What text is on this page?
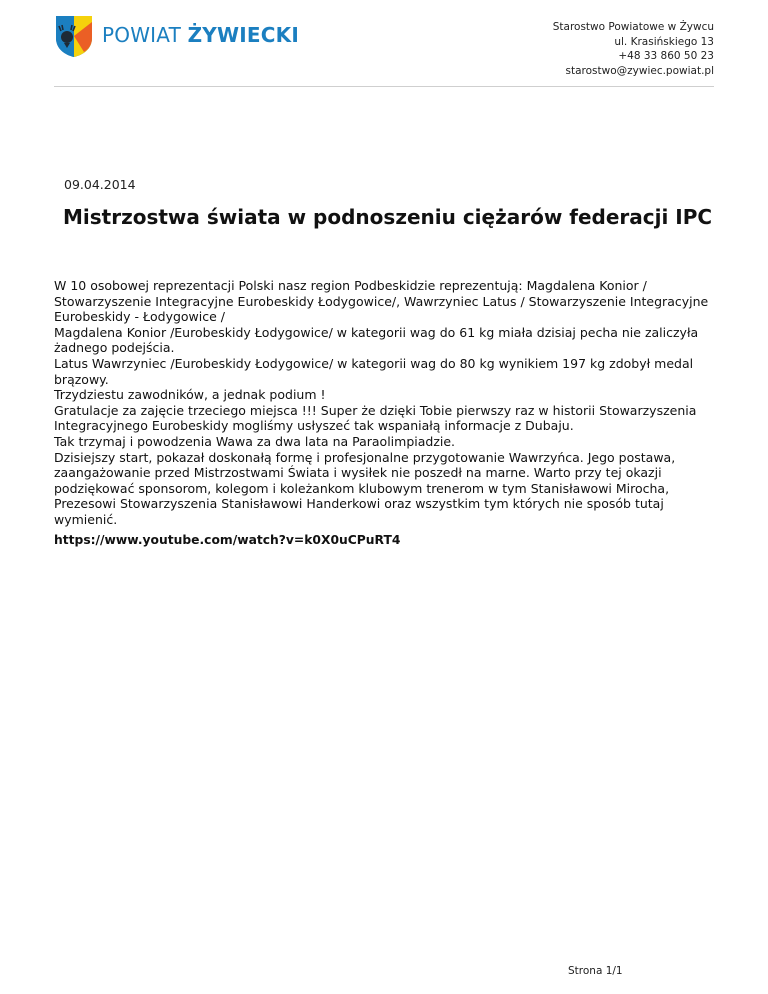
POWIAT ŻYWIECKI	Starostwo Powiatowe w Żywcu
ul. Krasińskiego 13
+48 33 860 50 23
starostwo@zywiec.powiat.pl
09.04.2014
Mistrzostwa świata w podnoszeniu ciężarów federacji IPC

W 10 osobowej reprezentacji Polski nasz region Podbeskidzie reprezentują: Magdalena Konior / Stowarzyszenie Integracyjne Eurobeskidy Łodygowice/, Wawrzyniec Latus / Stowarzyszenie Integracyjne Eurobeskidy - Łodygowice /

Magdalena Konior /Eurobeskidy Łodygowice/ w kategorii wag do 61 kg miała dzisiaj pecha nie zaliczyła żadnego podejścia.

Latus Wawrzyniec /Eurobeskidy Łodygowice/ w kategorii wag do 80 kg wynikiem 197 kg zdobył medal brązowy.

Trzydziestu zawodników, a jednak podium !

Gratulacje za zajęcie trzeciego miejsca !!! Super że dzięki Tobie pierwszy raz w historii Stowarzyszenia Integracyjnego Eurobeskidy mogliśmy usłyszeć tak wspaniałą informacje z Dubaju.

Tak trzymaj i powodzenia Wawa za dwa lata na Paraolimpiadzie.

Dzisiejszy start, pokazał doskonałą formę i profesjonalne przygotowanie Wawrzyńca. Jego postawa, zaangażowanie przed Mistrzostwami Świata i wysiłek nie poszedł na marne. Warto przy tej okazji podziękować sponsorom, kolegom i koleżankom klubowym trenerom w tym Stanisławowi Mirocha, Prezesowi Stowarzyszenia Stanisławowi Handerkowi oraz wszystkim tym których nie sposób tutaj wymienić.

https://www.youtube.com/watch?v=k0X0uCPuRT4
Strona 1/1
